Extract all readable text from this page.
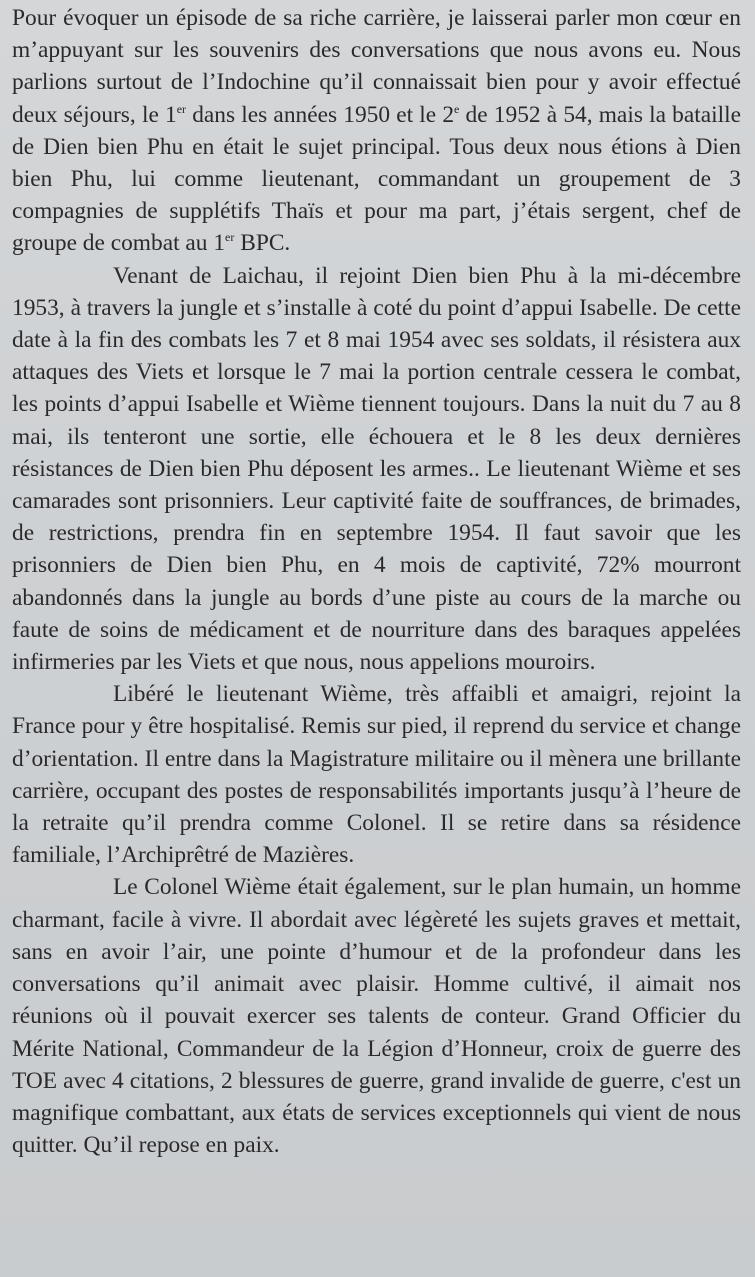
Pour évoquer un épisode de sa riche carrière, je laisserai parler mon cœur en m’appuyant sur les souvenirs des conversations que nous avons eu. Nous parlions surtout de l’Indochine qu’il connaissait bien pour y avoir effectué deux séjours, le 1er dans les années 1950 et le 2e de 1952 à 54, mais la bataille de Dien bien Phu en était le sujet principal. Tous deux nous étions à Dien bien Phu, lui comme lieutenant, commandant un groupement de 3 compagnies de supplétifs Thaïs et pour ma part, j’étais sergent, chef de groupe de combat au 1er BPC.

Venant de Laichau, il rejoint Dien bien Phu à la mi-décembre 1953, à travers la jungle et s’installe à coté du point d’appui Isabelle. De cette date à la fin des combats les 7 et 8 mai 1954 avec ses soldats, il résistera aux attaques des Viets et lorsque le 7 mai la portion centrale cessera le combat, les points d’appui Isabelle et Wième tiennent toujours. Dans la nuit du 7 au 8 mai, ils tenteront une sortie, elle échouera et le 8 les deux dernières résistances de Dien bien Phu déposent les armes.. Le lieutenant Wième et ses camarades sont prisonniers. Leur captivité faite de souffrances, de brimades, de restrictions, prendra fin en septembre 1954. Il faut savoir que les prisonniers de Dien bien Phu, en 4 mois de captivité, 72% mourront abandonnés dans la jungle au bords d’une piste au cours de la marche ou faute de soins de médicament et de nourriture dans des baraques appelées infirmeries par les Viets et que nous, nous appelions mouroirs.

Libéré le lieutenant Wième, très affaibli et amaigri, rejoint la France pour y être hospitalisé. Remis sur pied, il reprend du service et change d’orientation. Il entre dans la Magistrature militaire ou il mènera une brillante carrière, occupant des postes de responsabilités importants jusqu’à l’heure de la retraite qu’il prendra comme Colonel. Il se retire dans sa résidence familiale, l’Archiprêtré de Mazières.

Le Colonel Wième était également, sur le plan humain, un homme charmant, facile à vivre. Il abordait avec légèreté les sujets graves et mettait, sans en avoir l’air, une pointe d’humour et de la profondeur dans les conversations qu’il animait avec plaisir. Homme cultivé, il aimait nos réunions où il pouvait exercer ses talents de conteur. Grand Officier du Mérite National, Commandeur de la Légion d’Honneur, croix de guerre des TOE avec 4 citations, 2 blessures de guerre, grand invalide de guerre, c'est un magnifique combattant, aux états de services exceptionnels qui vient de nous quitter. Qu’il repose en paix.
